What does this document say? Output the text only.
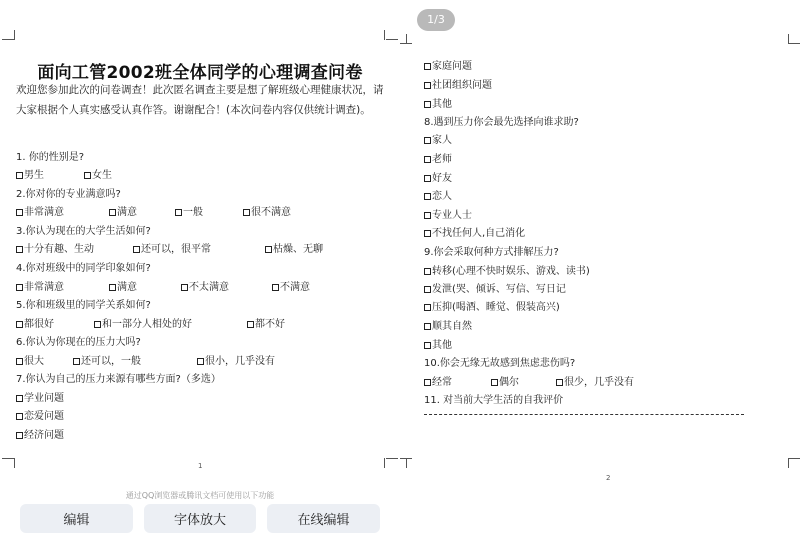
面向工管2002班全体同学的心理调查问卷
欢迎您参加此次的问卷调查！此次匿名调查主要是想了解班级心理健康状况，请大家根据个人真实感受认真作答。谢谢配合！(本次问卷内容仅供统计调查)。
1. 你的性别是?
男生	女生
2.你对你的专业满意吗?
非常满意	满意	一般	很不满意
3.你认为现在的大学生活如何?
十分有趣、生动	还可以，很平常	枯燥、无聊
4.你对班级中的同学印象如何?
非常满意	满意	不太满意	不满意
5.你和班级里的同学关系如何?
都很好	和一部分人相处的好	都不好
6.你认为你现在的压力大吗?
很大	还可以，一般	很小，几乎没有
7.你认为自己的压力来源有哪些方面?（多选）
学业问题
恋爱问题
经济问题
1
1/3
家庭问题
社团组织问题
其他
8.遇到压力你会最先选择向谁求助?
家人
老师
好友
恋人
专业人士
不找任何人,自己消化
9.你会采取何种方式排解压力?
转移(心理不快时娱乐、游戏、读书)
发泄(哭、倾诉、写信、写日记
压抑(喝酒、睡觉、假装高兴)
顺其自然
其他
10.你会无缘无故感到焦虑悲伤吗?
经常	偶尔	很少，几乎没有
11. 对当前大学生活的自我评价
2
通过QQ浏览器或腾讯文档可使用以下功能
编辑	字体放大	在线编辑
